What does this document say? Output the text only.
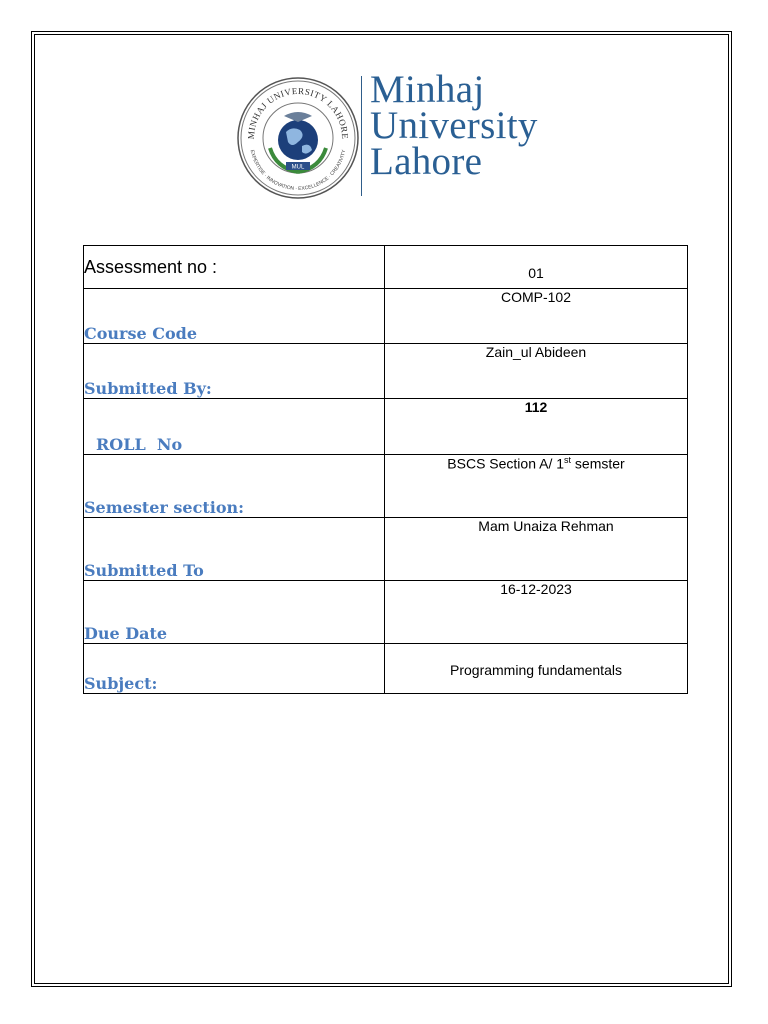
MINHAJ UNIVERSITY LAHORE
EXPERTISE · INNOVATION · EXCELLENCE · CREATIVITY
MUL
Minhaj
University
Lahore
Assessment no :	01
Course Code	COMP-102
Submitted By:	Zain_ul Abideen
ROLL  No	112
Semester section:	BSCS Section A/ 1st semster
Submitted To	Mam Unaiza Rehman
Due Date	16-12-2023
Subject:	Programming fundamentals
